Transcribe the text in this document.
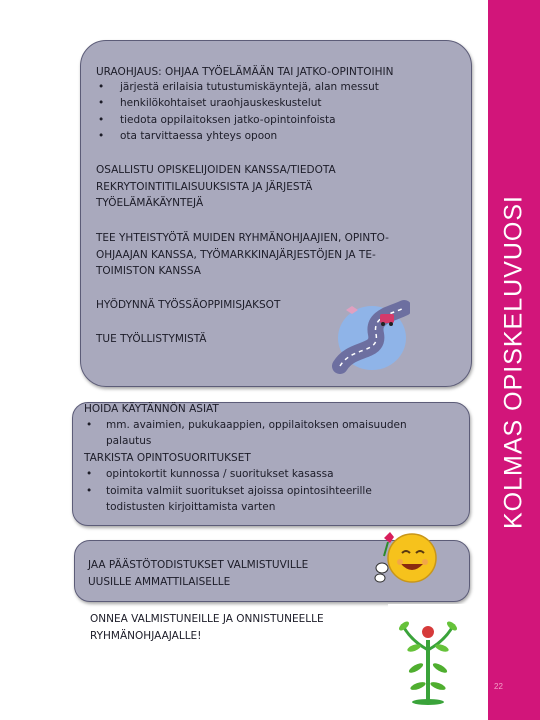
KOLMAS OPISKELUVUOSI
22
URAOHJAUS: OHJAA TYÖELÄMÄÄN TAI JATKO-OPINTOIHIN
• järjestä erilaisia tutustumiskäyntejä, alan messut
• henkilökohtaiset uraohjauskeskustelut
• tiedota oppilaitoksen jatko-opintoinfoista
• ota tarvittaessa yhteys opoon
OSALLISTU OPISKELIJOIDEN KANSSA/TIEDOTA
REKRYTOINTITILAISUUKSISTA JA JÄRJESTÄ
TYÖELÄMÄKÄYNTEJÄ
TEE YHTEISTYÖTÄ MUIDEN RYHMÄNOHJAAJIEN, OPINTO-
OHJAAJAN KANSSA, TYÖMARKKINAJÄRJESTÖJEN JA TE-
TOIMISTON KANSSA
HYÖDYNNÄ TYÖSSÄOPPIMISJAKSOT
TUE TYÖLLISTYMISTÄ
HOIDA KÄYTÄNNÖN ASIAT
• mm. avaimien, pukukaappien, oppilaitoksen omaisuuden
palautus
TARKISTA OPINTOSUORITUKSET
• opintokortit kunnossa / suoritukset kasassa
• toimita valmiit suoritukset ajoissa opintosihteerille
todistusten kirjoittamista varten
JAA PÄÄSTÖTODISTUKSET VALMISTUVILLE
UUSILLE AMMATTILAISELLE
ONNEA VALMISTUNEILLE JA ONNISTUNEELLE
RYHMÄNOHJAAJALLE!
